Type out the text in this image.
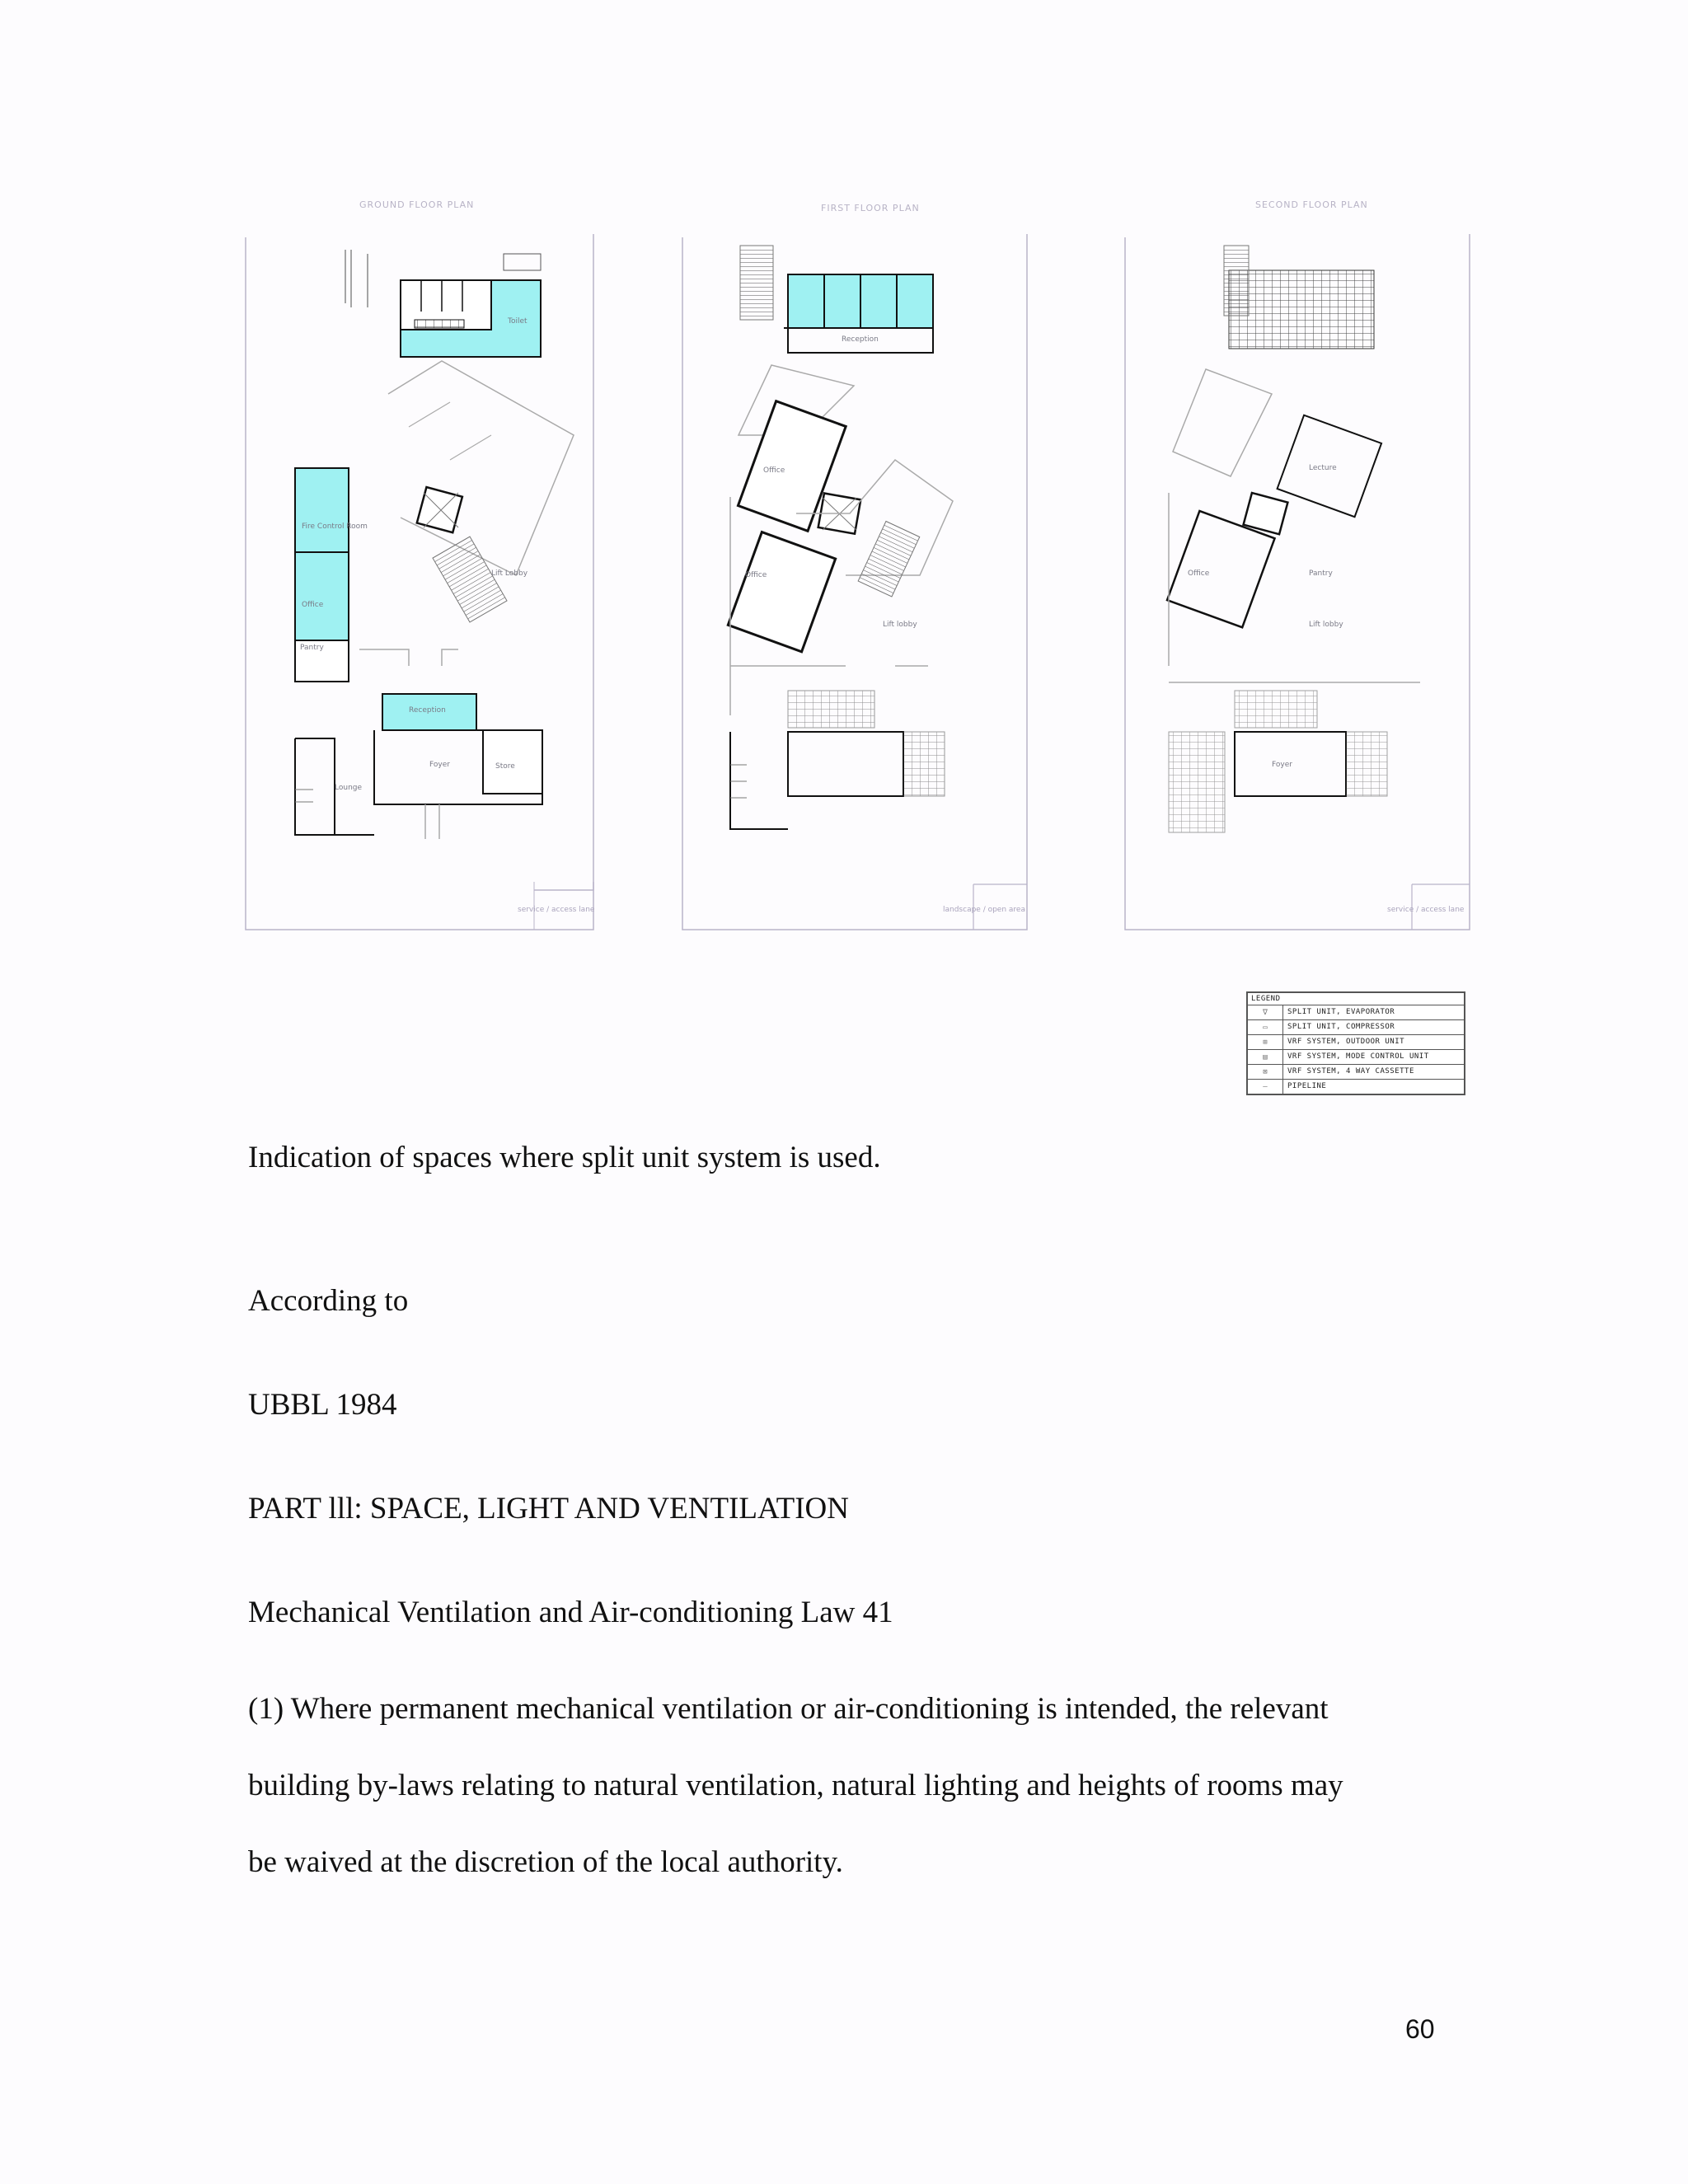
GROUND FLOOR PLAN
service / access lane
Toilet
Lift Lobby
Fire Control Room
Office
Pantry
Reception
Foyer	Store
Lounge
FIRST FLOOR PLAN
landscape / open area
Office
Office
Lift lobby
Reception
SECOND FLOOR PLAN
service / access lane
Lecture
Office	Pantry
Lift lobby
Foyer
LEGEND
ᐁ	SPLIT UNIT, EVAPORATOR
▭	SPLIT UNIT, COMPRESSOR
⊞	VRF SYSTEM, OUTDOOR UNIT
▤	VRF SYSTEM, MODE CONTROL UNIT
⊠	VRF SYSTEM, 4 WAY CASSETTE
—	PIPELINE
Indication of spaces where split unit system is used.
According to
UBBL 1984
PART lll: SPACE, LIGHT AND VENTILATION
Mechanical Ventilation and Air-conditioning Law 41
(1) Where permanent mechanical ventilation or air-conditioning is intended, the relevant
building by-laws relating to natural ventilation, natural lighting and heights of rooms may
be waived at the discretion of the local authority.
60
